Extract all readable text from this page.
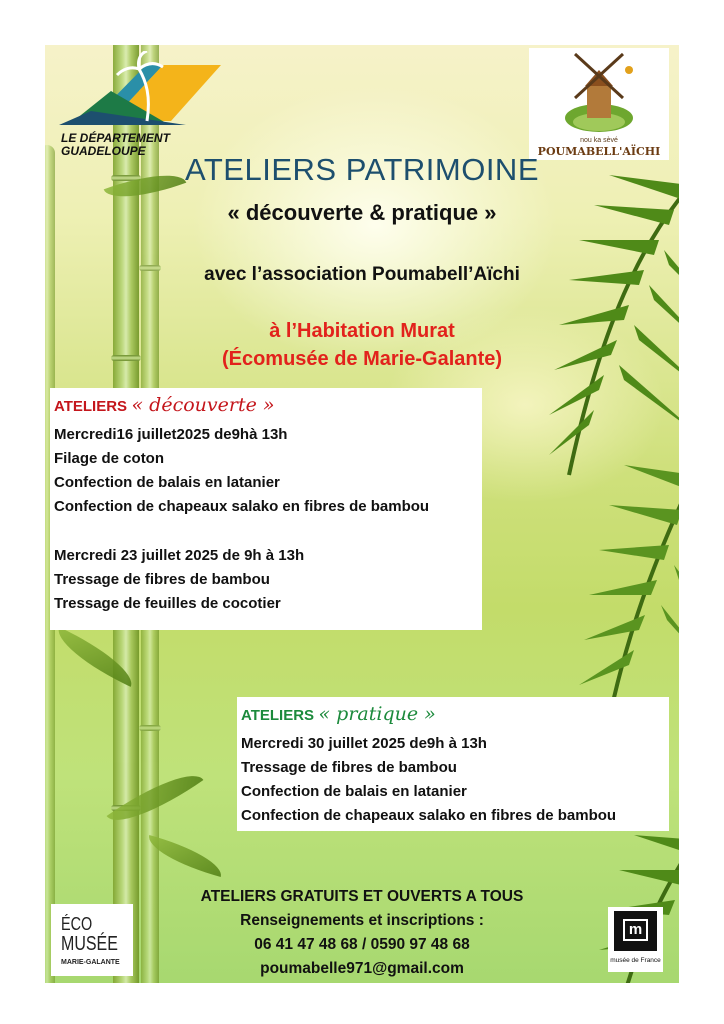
LE DÉPARTEMENT
GUADELOUPE
nou ka sèvé
POUMABELL'AÏCHI
ATELIERS PATRIMOINE
« découverte & pratique »
avec l’association Poumabell’Aïchi
à l’Habitation Murat
(Écomusée de Marie-Galante)
ATELIERS « découverte »
Mercredi16 juillet2025 de9hà 13h
Filage de coton
Confection de balais en latanier
Confection de chapeaux salako en fibres de bambou
Mercredi 23 juillet 2025 de 9h à 13h
Tressage de fibres de bambou
Tressage de feuilles de cocotier
ATELIERS « pratique »
Mercredi 30 juillet 2025 de9h à 13h
Tressage de fibres de bambou
Confection de balais en latanier
Confection de chapeaux salako en fibres de bambou
ATELIERS GRATUITS ET OUVERTS A TOUS
Renseignements et inscriptions :
06 41 47 48 68 / 0590 97 48 68
poumabelle971@gmail.com
ÉCO
MUSÉE
MARIE-GALANTE
m
musée de France
